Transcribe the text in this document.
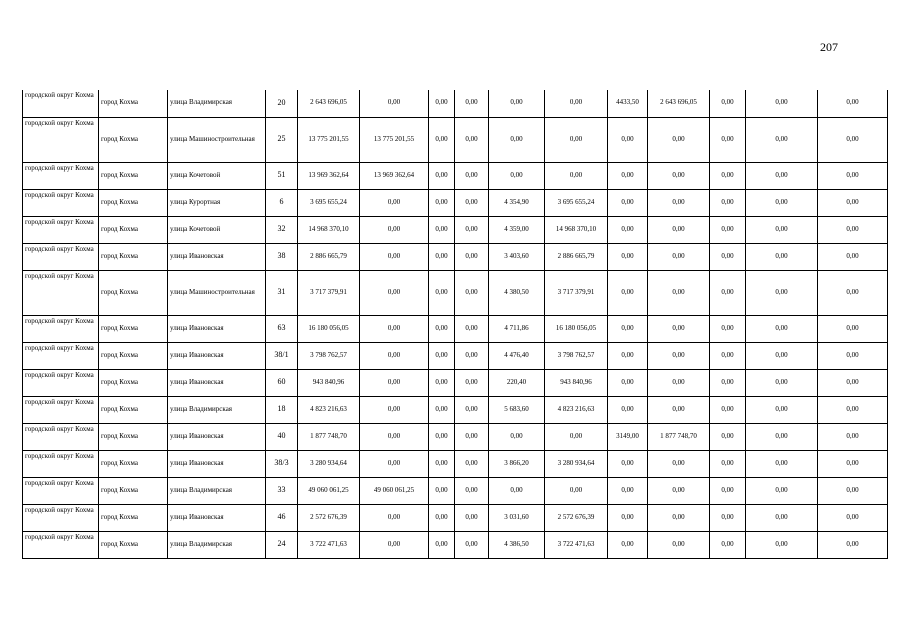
207
городской округ Кохма	город Кохма	улица Владимирская	20	2 643 696,05	0,00	0,00	0,00	0,00	0,00	4433,50	2 643 696,05	0,00	0,00	0,00
городской округ Кохма	город Кохма	улица Машиностроительная	25	13 775 201,55	13 775 201,55	0,00	0,00	0,00	0,00	0,00	0,00	0,00	0,00	0,00
городской округ Кохма	город Кохма	улица Кочетовой	51	13 969 362,64	13 969 362,64	0,00	0,00	0,00	0,00	0,00	0,00	0,00	0,00	0,00
городской округ Кохма	город Кохма	улица Курортная	6	3 695 655,24	0,00	0,00	0,00	4 354,90	3 695 655,24	0,00	0,00	0,00	0,00	0,00
городской округ Кохма	город Кохма	улица Кочетовой	32	14 968 370,10	0,00	0,00	0,00	4 359,00	14 968 370,10	0,00	0,00	0,00	0,00	0,00
городской округ Кохма	город Кохма	улица Ивановская	38	2 886 665,79	0,00	0,00	0,00	3 403,60	2 886 665,79	0,00	0,00	0,00	0,00	0,00
городской округ Кохма	город Кохма	улица Машиностроительная	31	3 717 379,91	0,00	0,00	0,00	4 380,50	3 717 379,91	0,00	0,00	0,00	0,00	0,00
городской округ Кохма	город Кохма	улица Ивановская	63	16 180 056,05	0,00	0,00	0,00	4 711,86	16 180 056,05	0,00	0,00	0,00	0,00	0,00
городской округ Кохма	город Кохма	улица Ивановская	38/1	3 798 762,57	0,00	0,00	0,00	4 476,40	3 798 762,57	0,00	0,00	0,00	0,00	0,00
городской округ Кохма	город Кохма	улица Ивановская	60	943 840,96	0,00	0,00	0,00	220,40	943 840,96	0,00	0,00	0,00	0,00	0,00
городской округ Кохма	город Кохма	улица Владимирская	18	4 823 216,63	0,00	0,00	0,00	5 683,60	4 823 216,63	0,00	0,00	0,00	0,00	0,00
городской округ Кохма	город Кохма	улица Ивановская	40	1 877 748,70	0,00	0,00	0,00	0,00	0,00	3149,00	1 877 748,70	0,00	0,00	0,00
городской округ Кохма	город Кохма	улица Ивановская	38/3	3 280 934,64	0,00	0,00	0,00	3 866,20	3 280 934,64	0,00	0,00	0,00	0,00	0,00
городской округ Кохма	город Кохма	улица Владимирская	33	49 060 061,25	49 060 061,25	0,00	0,00	0,00	0,00	0,00	0,00	0,00	0,00	0,00
городской округ Кохма	город Кохма	улица Ивановская	46	2 572 676,39	0,00	0,00	0,00	3 031,60	2 572 676,39	0,00	0,00	0,00	0,00	0,00
городской округ Кохма	город Кохма	улица Владимирская	24	3 722 471,63	0,00	0,00	0,00	4 386,50	3 722 471,63	0,00	0,00	0,00	0,00	0,00
